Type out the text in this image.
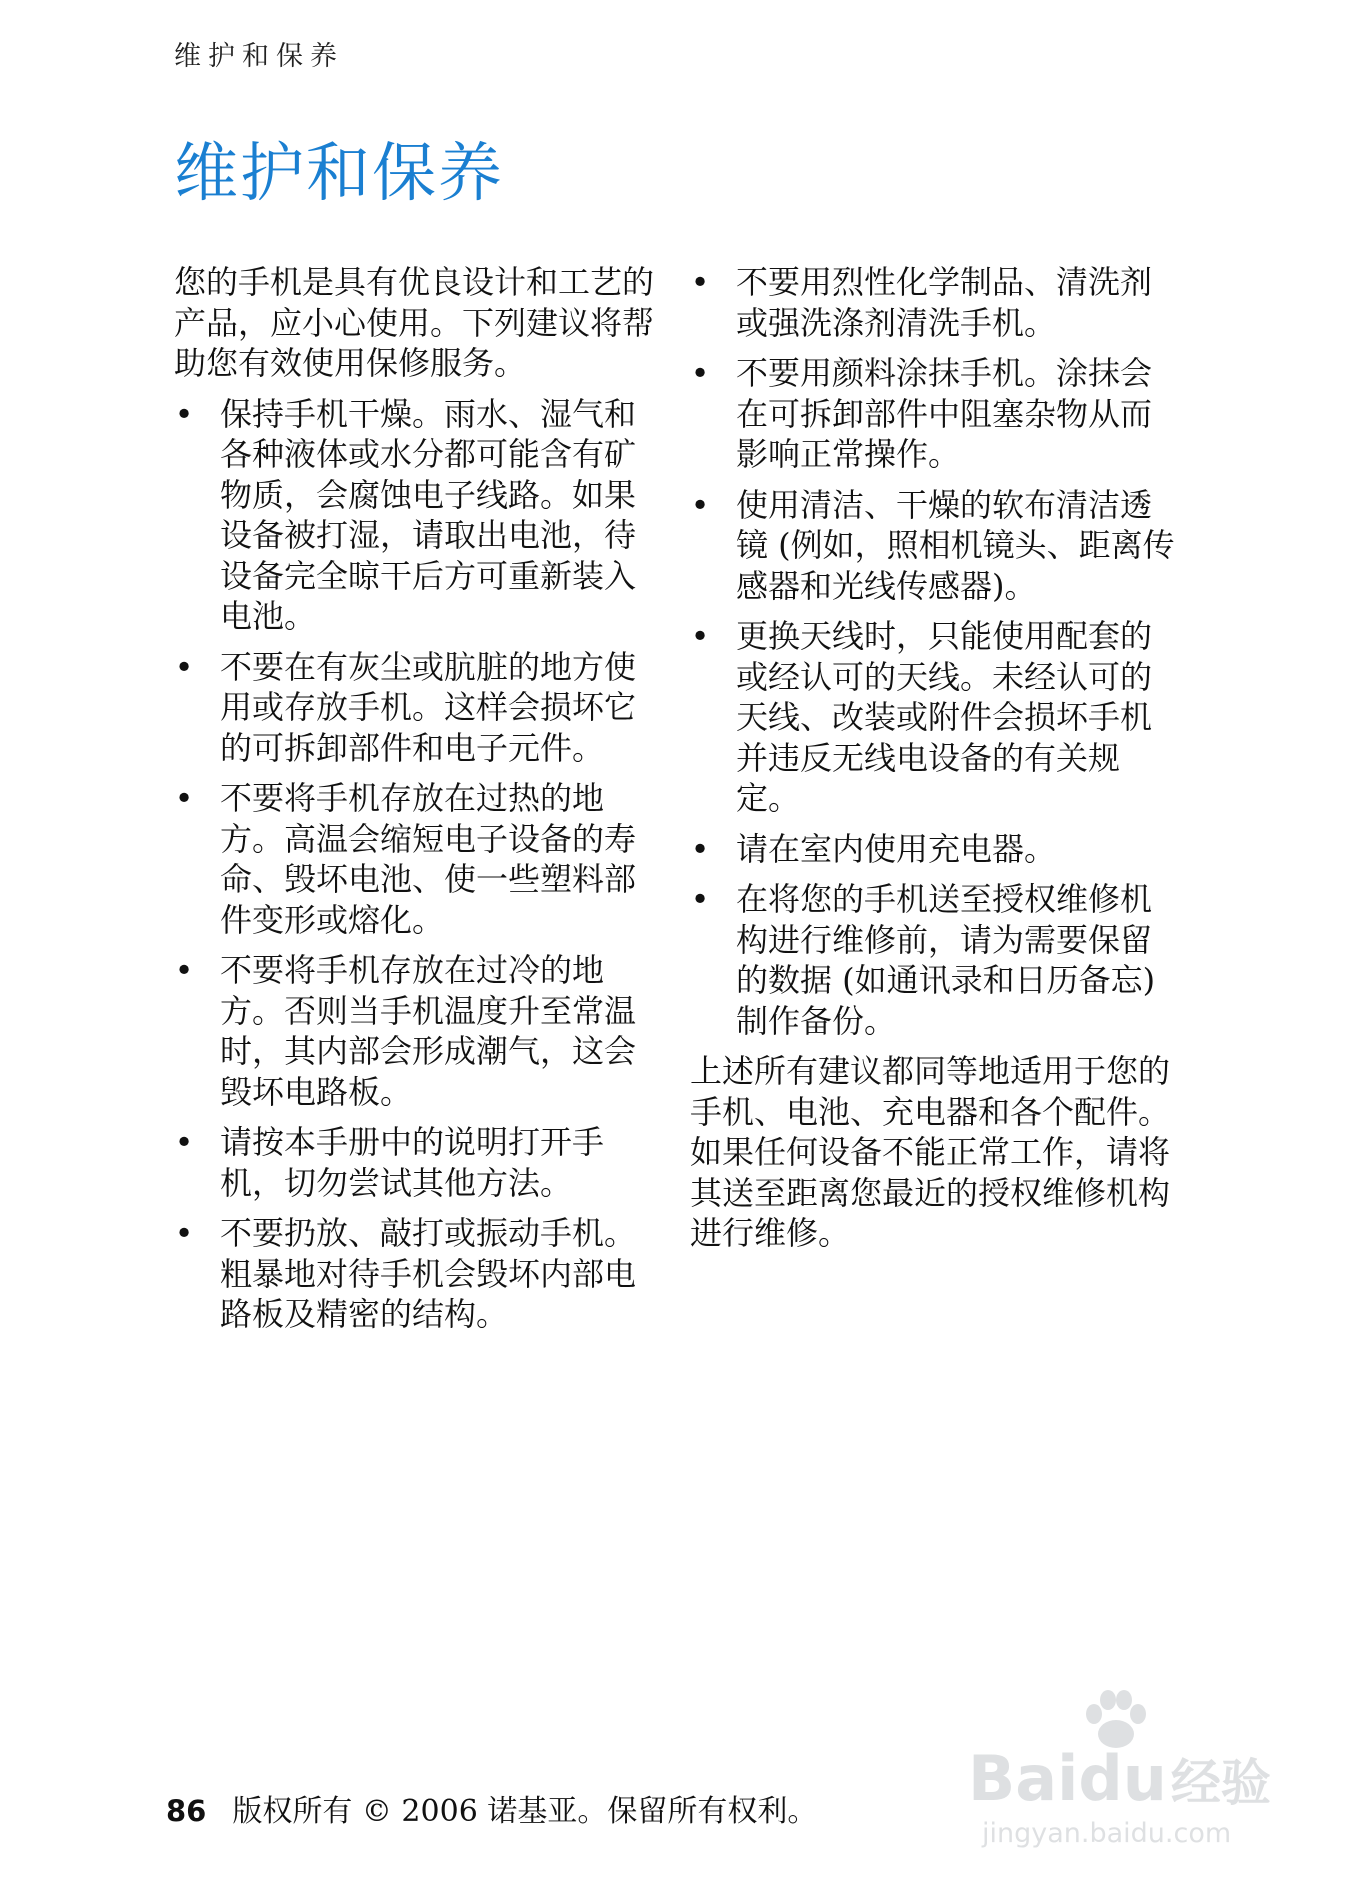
维护和保养
维护和保养

您的手机是具有优良设计和工艺的产品，应小心使用。下列建议将帮助您有效使用保修服务。

• 保持手机干燥。雨水、湿气和各种液体或水分都可能含有矿物质，会腐蚀电子线路。如果设备被打湿，请取出电池，待设备完全晾干后方可重新装入电池。
• 不要在有灰尘或肮脏的地方使用或存放手机。这样会损坏它的可拆卸部件和电子元件。
• 不要将手机存放在过热的地方。高温会缩短电子设备的寿命、毁坏电池、使一些塑料部件变形或熔化。
• 不要将手机存放在过冷的地方。否则当手机温度升至常温时，其内部会形成潮气，这会毁坏电路板。
• 请按本手册中的说明打开手机，切勿尝试其他方法。
• 不要扔放、敲打或振动手机。粗暴地对待手机会毁坏内部电路板及精密的结构。
• 不要用烈性化学制品、清洗剂或强洗涤剂清洗手机。
• 不要用颜料涂抹手机。涂抹会在可拆卸部件中阻塞杂物从而影响正常操作。
• 使用清洁、干燥的软布清洁透镜 (例如，照相机镜头、距离传感器和光线传感器)。
• 更换天线时，只能使用配套的或经认可的天线。未经认可的天线、改装或附件会损坏手机并违反无线电设备的有关规定。
• 请在室内使用充电器。
• 在将您的手机送至授权维修机构进行维修前，请为需要保留的数据 (如通讯录和日历备忘) 制作备份。

上述所有建议都同等地适用于您的手机、电池、充电器和各个配件。如果任何设备不能正常工作，请将其送至距离您最近的授权维修机构进行维修。

86 版权所有 © 2006 诺基亚。保留所有权利。 Baidu经验
jingyan.baidu.com
